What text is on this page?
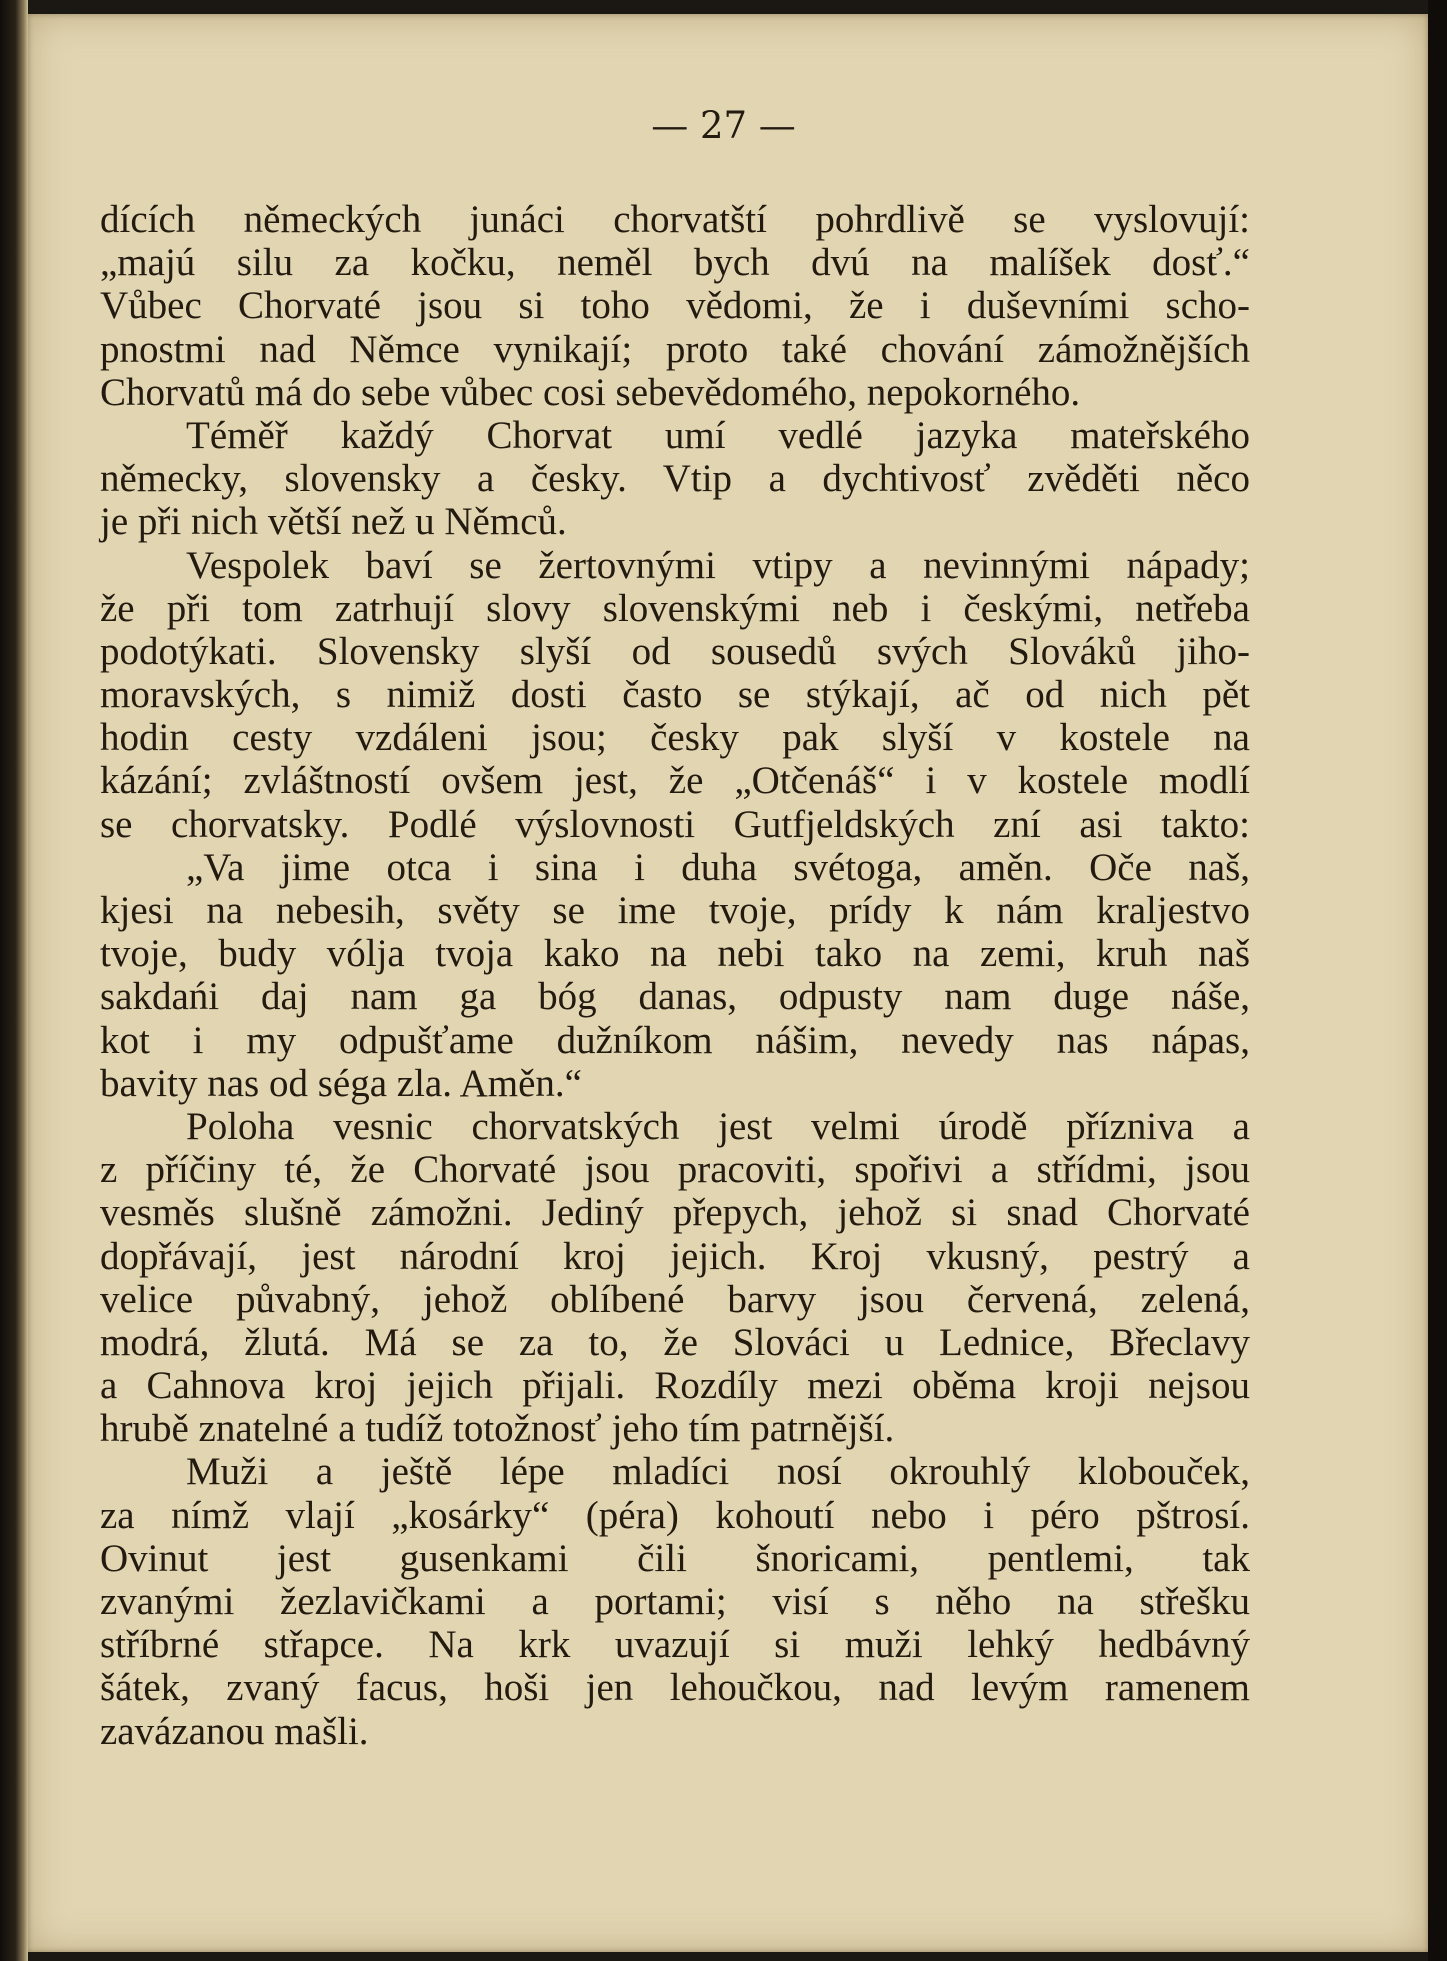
— 27 —
dících německých junáci chorvatští pohrdlivě se vyslovují:
„majú silu za kočku, neměl bych dvú na malíšek dosť.“
Vůbec Chorvaté jsou si toho vědomi, že i duševními scho-
pnostmi nad Němce vynikají; proto také chování zámožnějších
Chorvatů má do sebe vůbec cosi sebevědomého, nepokorného.
Téměř každý Chorvat umí vedlé jazyka mateřského
německy, slovensky a česky. Vtip a dychtivosť zvěděti něco
je při nich větší než u Němců.
Vespolek baví se žertovnými vtipy a nevinnými nápady;
že při tom zatrhují slovy slovenskými neb i českými, netřeba
podotýkati. Slovensky slyší od sousedů svých Slováků jiho-
moravských, s nimiž dosti často se stýkají, ač od nich pět
hodin cesty vzdáleni jsou; česky pak slyší v kostele na
kázání; zvláštností ovšem jest, že „Otčenáš“ i v kostele modlí
se chorvatsky. Podlé výslovnosti Gutfjeldských zní asi takto:
„Va jime otca i sina i duha svétoga, aměn. Oče naš,
kjesi na nebesih, světy se ime tvoje, prídy k nám kraljestvo
tvoje, budy vólja tvoja kako na nebi tako na zemi, kruh naš
sakdańi daj nam ga bóg danas, odpusty nam duge náše,
kot i my odpušťame dužníkom nášim, nevedy nas nápas,
bavity nas od séga zla. Aměn.“
Poloha vesnic chorvatských jest velmi úrodě přízniva a
z příčiny té, že Chorvaté jsou pracoviti, spořivi a střídmi, jsou
vesměs slušně zámožni. Jediný přepych, jehož si snad Chorvaté
dopřávají, jest národní kroj jejich. Kroj vkusný, pestrý a
velice půvabný, jehož oblíbené barvy jsou červená, zelená,
modrá, žlutá. Má se za to, že Slováci u Lednice, Břeclavy
a Cahnova kroj jejich přijali. Rozdíly mezi oběma kroji nejsou
hrubě znatelné a tudíž totožnosť jeho tím patrnější.
Muži a ještě lépe mladíci nosí okrouhlý klobouček,
za nímž vlají „kosárky“ (péra) kohoutí nebo i péro pštrosí.
Ovinut jest gusenkami čili šnoricami, pentlemi, tak
zvanými žezlavičkami a portami; visí s něho na střešku
stříbrné střapce. Na krk uvazují si muži lehký hedbávný
šátek, zvaný facus, hoši jen lehoučkou, nad levým ramenem
zavázanou mašli.
